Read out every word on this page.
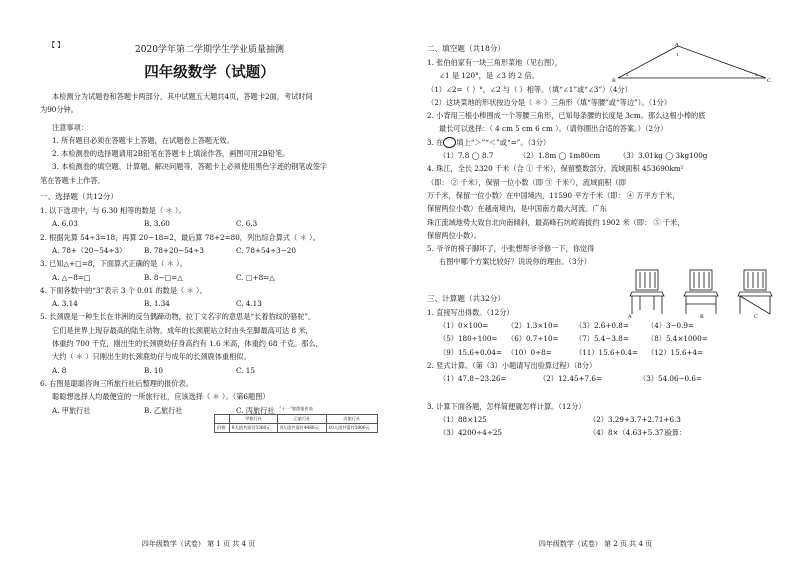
【 】	2020学年第二学期学生学业质量抽测
四年级数学（试题）
本检测分为试题卷和答题卡两部分，其中试题五大题共4页，答题卡2面，考试时间
为90分钟。
注意事项：
1. 所有题目必须在答题卡上答题，在试题卷上答题无效。
2. 本检测卷的选择题请用2B铅笔在答题卡上填涂作答，画图可用2B铅笔。
3. 本检测卷的填空题、计算题、解决问题等，答题卡上必须使用黑色字迹的钢笔或签字
笔在答题卡上作答。
一、选择题（共12分）
1. 以下选项中，与 6.30 相等的数是（ ＊ ）。
A. 6.03	B. 3.60	C. 6.3
2. 根据先算 54÷3=18，再算 20−18=2，最后算 78+2=80，列出综合算式（ ＊ ）。
A. 78+（20−54÷3）	B. 78+20−54÷3	C. 78+54÷3−20
3. 已知△+□=8，下面算式正确的是（ ＊ ）。
A. △−8=□	B. 8−□=△	C. □+8=△
4. 下面各数中的“3”表示 3 个 0.01 的数是（ ＊ ）。
A. 3.14	B. 1.34	C. 4.13
5. 长颈鹿是一种生长在非洲的反刍偶蹄动物，拉丁文名字的意思是“长着豹纹的骆驼”。
它们是世界上现存最高的陆生动物。成年的长颈鹿站立时由头至脚最高可达 8 米，
体重约 700 千克，刚出生的长颈鹿幼仔身高约有 1.6 米高，体重约 68 千克。那么，
大约（ ＊ ）只刚出生的长颈鹿幼仔与成年的长颈鹿体重相似。
A. 8	B. 10	C. 15
6. 右图是聪聪咨询三所旅行社后整理的报价表。
聪聪想选择人均最便宜的一所旅行社，应该选择（ ＊ ）。（第6题图）
A. 甲旅行社	B. 乙旅行社	C. 丙旅行社
四年级数学（试卷） 第 1 页 共 4 页
“十一”旅游报价表
	甲旅行社	乙旅行社	丙旅行社
价格	6人团共需付3360元	8人团共需付4480元	10人团共需付5000元
二、填空题（共18分）
1. 张伯伯家有一块三角形菜地（见右图），
∠1 是 120°，是 ∠3 的 2 倍。
（1）∠2=（ ）°，∠2 与（ ）相等。（填“∠1”或“∠3”）（4分）
（2）这块菜地的形状按边分是（ ＊ ）三角形（填“等腰”或“等边”）。（1分）
2. 小背用三根小棒围成一个等腰三角形，已知每条腰的长度是 3cm。那么这根小棒的底
最长可以选择：（ 4 cm 5 cm 6 cm ）。（请你圈出合适的答案。）（2分）
3. 在 填上“＞”“＜”或“=”。（3分）
（1）7.8 ◯ 8.7	（2）1.8m ◯ 1m80cm	（3）3.01kg ◯ 3kg100g
4. 珠江，全长 2320 千米（合 ① 千米），保留整数部分，流域面积 453690km²
（即： ② 千米），保留一位小数（即 ③ 千米²），流域面积（即
万千米，保留一位小数）在中国境内，11590 平方千米（即： ④ 万平方千米，
保留两位小数）在越南境内，是中国南方最大河流。广东
珠江流域地势大致自北向南倾斜，最高峰石坑崆海拔约 1902 米（即： ⑤ 千米，
保留两位小数）。
5. 爷爷的椅子脚坏了，小张想帮爷爷修一下，你觉得
右图中哪个方案比较好？说说你的理由。（3分）
三、计算题（共32分）
1. 直接写出得数。（12分）
（1）0×100=	（2）1.3×10=	（3）2.6+0.8=	（4）3−0.9=
（5）180÷100=	（6）0.7÷10=	（7）5.4−3.8=	（8）5.4×1000=
（9）15.6+0.04= （10）0÷8=	（11）15.6+0.4=	（12）15.6+4=
2. 竖式计算。（第（3）小题请写出验算过程）（8分）
（1）47.8−23.26=	（2）12.45+7.6=	（3）54.06−0.6=
3. 计算下面各题，怎样简便就怎样计算。（12分）
（1）88×125	（2）3.29+3.7+2.71+6.3
（3）4200÷4÷25	（4）8×（4.63+5.37）
四年级数学（试卷） 第 2 页 共 4 页
验算：
A
B	C
1
2	3
A	B	C
